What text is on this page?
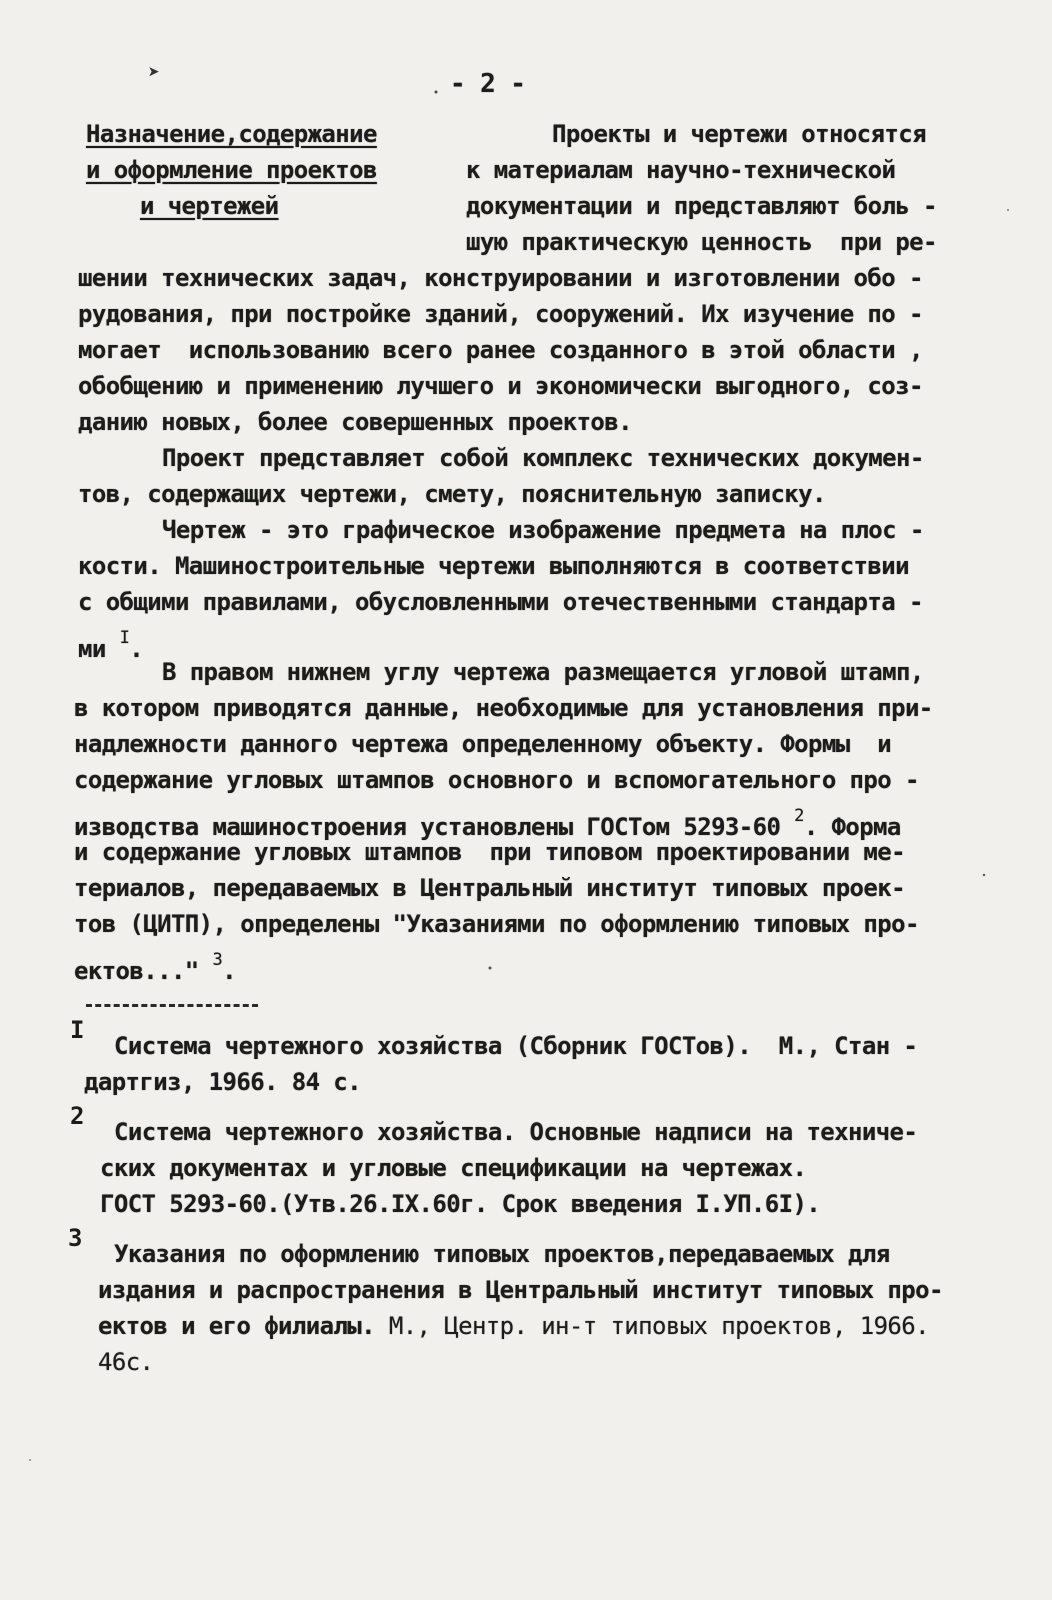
➤	- 2 -
Назначение,содержание
и оформление проектов
и чертежей
Проекты и чертежи относятся
к материалам научно-технической
документации и представляют боль -
шую практическую ценность  при ре-
шении технических задач, конструировании и изготовлении обо -
рудования, при постройке зданий, сооружений. Их изучение по -
могает  использованию всего ранее созданного в этой области ,
обобщению и применению лучшего и экономически выгодного, соз-
данию новых, более совершенных проектов.
Проект представляет собой комплекс технических докумен-
тов, содержащих чертежи, смету, пояснительную записку.
Чертеж - это графическое изображение предмета на плос -
кости. Машиностроительные чертежи выполняются в соответствии
с общими правилами, обусловленными отечественными стандарта -
ми $^I$.
В правом нижнем углу чертежа размещается угловой штамп,
в котором приводятся данные, необходимые для установления при-
надлежности данного чертежа определенному объекту. Формы  и
содержание угловых штампов основного и вспомогательного про -
изводства машиностроения установлены ГОСТом 5293-60 $^2$. Форма
и содержание угловых штампов  при типовом проектировании ме-
териалов, передаваемых в Центральный институт типовых проек-
тов (ЦИТП), определены "Указаниями по оформлению типовых про-
ектов..." $^3$.
I
Система чертежного хозяйства (Сборник ГОСТов).  М., Стан -
дартгиз, 1966. 84 с.
2
Система чертежного хозяйства. Основные надписи на техниче-
ских документах и угловые спецификации на чертежах.
ГОСТ 5293-60.(Утв.26.IX.60г. Срок введения I.УП.6I).
3
Указания по оформлению типовых проектов,передаваемых для
издания и распространения в Центральный институт типовых про-
ектов и его филиалы. М., Центр. ин-т типовых проектов, 1966.
46с.
